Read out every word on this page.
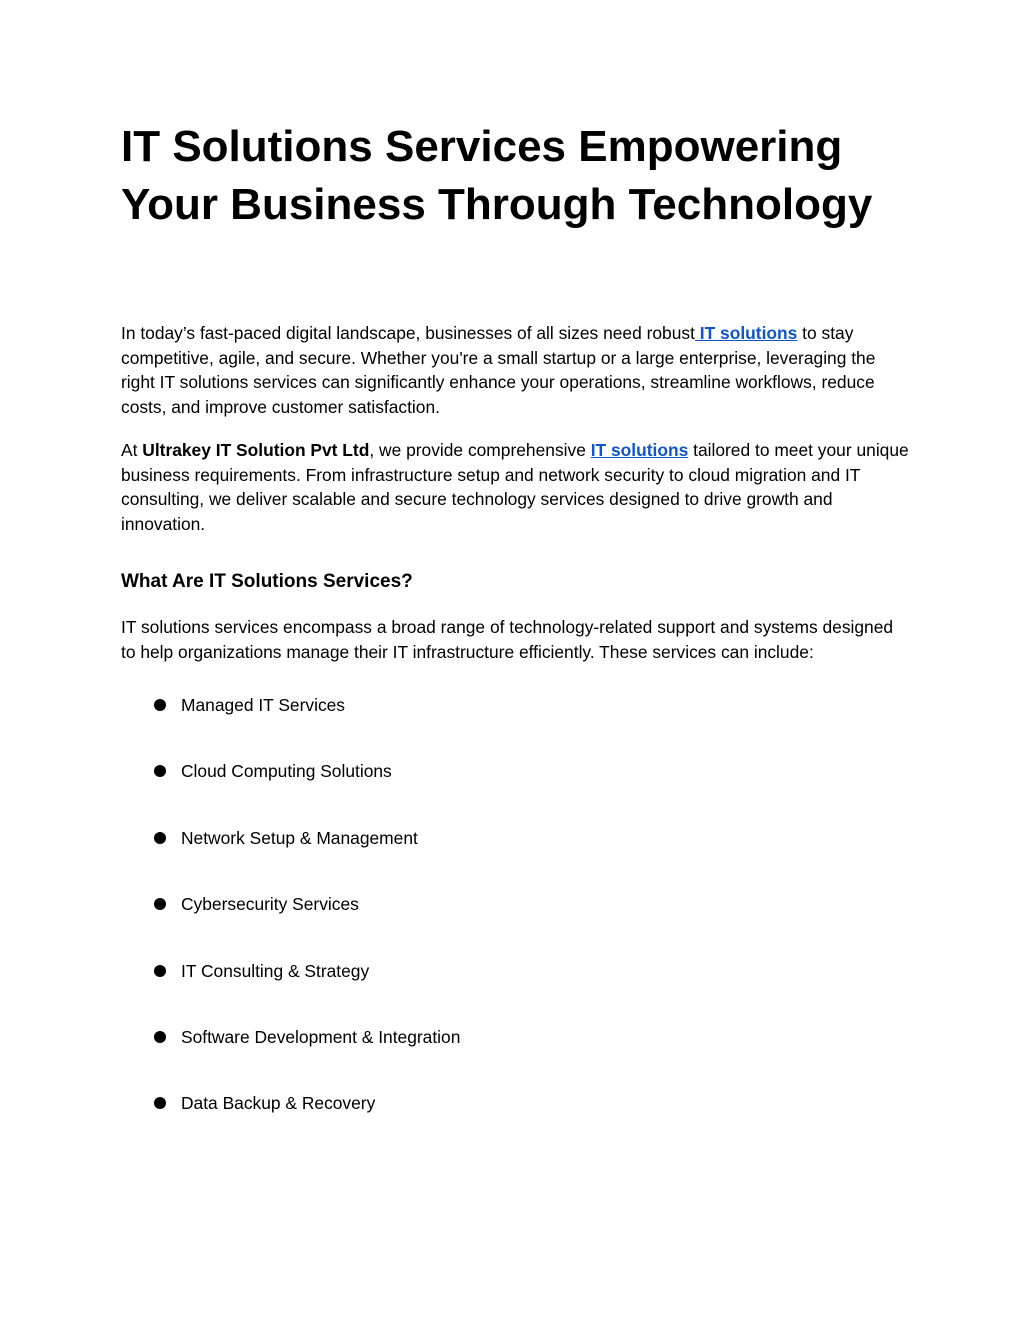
IT Solutions Services Empowering
Your Business Through Technology

In today’s fast-paced digital landscape, businesses of all sizes need robust IT solutions to stay competitive, agile, and secure. Whether you're a small startup or a large enterprise, leveraging the right IT solutions services can significantly enhance your operations, streamline workflows, reduce costs, and improve customer satisfaction.

At Ultrakey IT Solution Pvt Ltd, we provide comprehensive IT solutions tailored to meet your unique business requirements. From infrastructure setup and network security to cloud migration and IT consulting, we deliver scalable and secure technology services designed to drive growth and innovation.

What Are IT Solutions Services?

IT solutions services encompass a broad range of technology-related support and systems designed to help organizations manage their IT infrastructure efficiently. These services can include:

Managed IT Services
Cloud Computing Solutions
Network Setup & Management
Cybersecurity Services
IT Consulting & Strategy
Software Development & Integration
Data Backup & Recovery
